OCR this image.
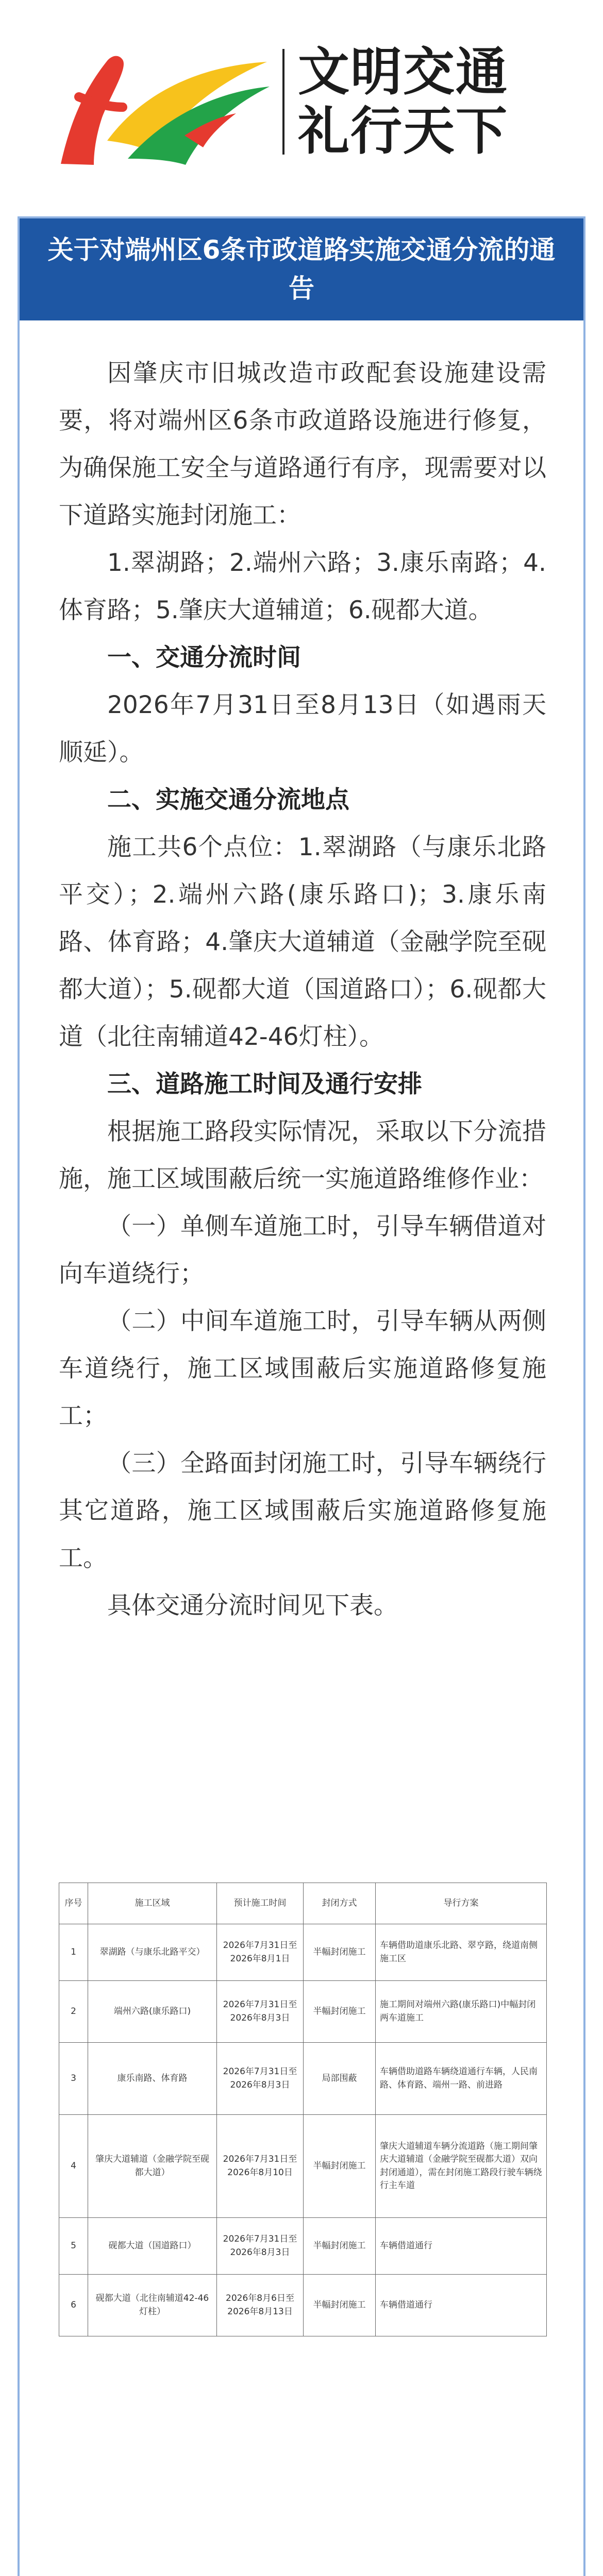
文明交通
礼行天下
关于对端州区6条市政道路实施交通分流的通告

因肇庆市旧城改造市政配套设施建设需要，将对端州区6条市政道路设施进行修复，为确保施工安全与道路通行有序，现需要对以下道路实施封闭施工：

1.翠湖路；2.端州六路；3.康乐南路；4.体育路；5.肇庆大道辅道；6.砚都大道。

一、交通分流时间

2026年7月31日至8月13日（如遇雨天顺延）。

二、实施交通分流地点

施工共6个点位：1.翠湖路（与康乐北路平交）；2.端州六路(康乐路口)；3.康乐南路、体育路；4.肇庆大道辅道（金融学院至砚都大道）；5.砚都大道（国道路口）；6.砚都大道（北往南辅道42-46灯柱）。

三、道路施工时间及通行安排

根据施工路段实际情况，采取以下分流措施，施工区域围蔽后统一实施道路维修作业：

（一）单侧车道施工时，引导车辆借道对向车道绕行；

（二）中间车道施工时，引导车辆从两侧车道绕行，施工区域围蔽后实施道路修复施工；

（三）全路面封闭施工时，引导车辆绕行其它道路，施工区域围蔽后实施道路修复施工。

具体交通分流时间见下表。

序号	施工区域	预计施工时间	封闭方式	导行方案
1	翠湖路（与康乐北路平交）	2026年7月31日至2026年8月1日	半幅封闭施工	车辆借助道康乐北路、翠亨路，绕道南侧施工区
2	端州六路(康乐路口)	2026年7月31日至2026年8月3日	半幅封闭施工	施工期间对端州六路(康乐路口)中幅封闭两车道施工
3	康乐南路、体育路	2026年7月31日至2026年8月3日	局部围蔽	车辆借助道路车辆绕道通行车辆，人民南路、体育路、端州一路、前进路
4	肇庆大道辅道（金融学院至砚都大道）	2026年7月31日至2026年8月10日	半幅封闭施工	肇庆大道辅道车辆分流道路（施工期间肇庆大道辅道（金融学院至砚都大道）双向封闭通道），需在封闭施工路段行驶车辆绕行主车道
5	砚都大道（国道路口）	2026年7月31日至2026年8月3日	半幅封闭施工	车辆借道通行
6	砚都大道（北往南辅道42-46灯柱）	2026年8月6日至2026年8月13日	半幅封闭施工	车辆借道通行
